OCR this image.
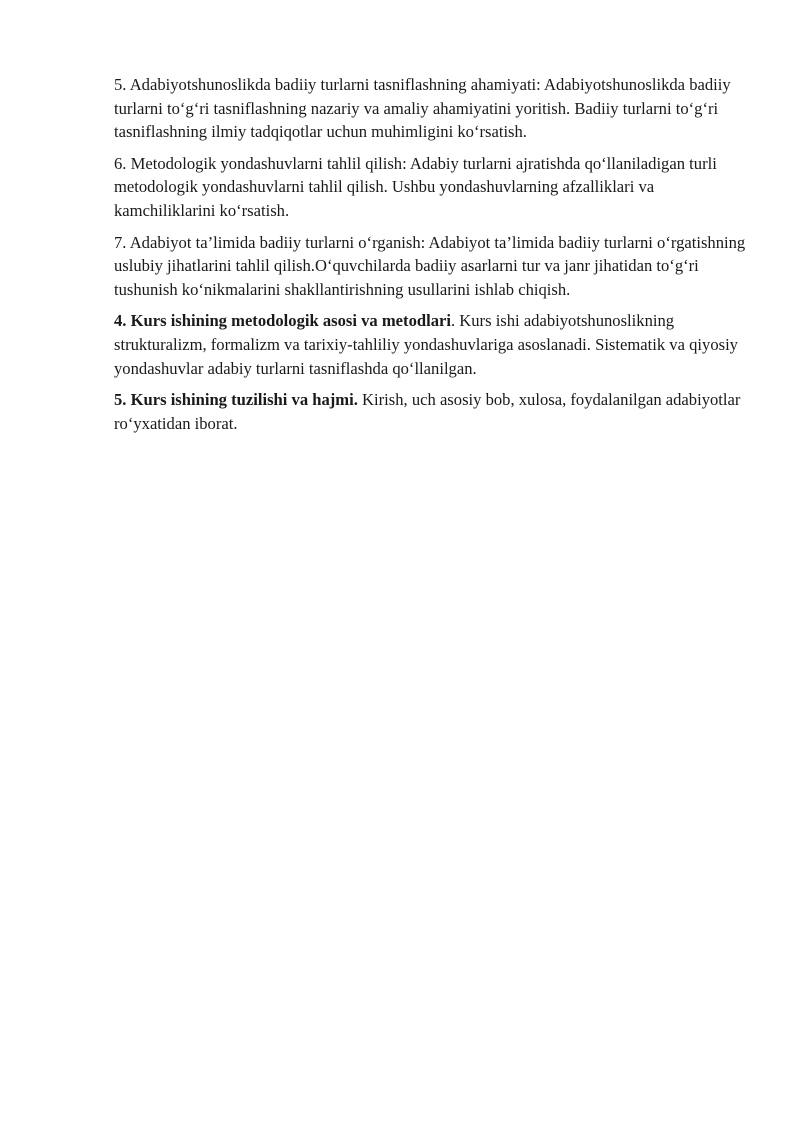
5. Adabiyotshunoslikda badiiy turlarni tasniflashning ahamiyati: Adabiyotshunoslikda badiiy turlarni to‘g‘ri tasniflashning nazariy va amaliy ahamiyatini yoritish. Badiiy turlarni to‘g‘ri tasniflashning ilmiy tadqiqotlar uchun muhimligini ko‘rsatish.

6. Metodologik yondashuvlarni tahlil qilish: Adabiy turlarni ajratishda qo‘llaniladigan turli metodologik yondashuvlarni tahlil qilish. Ushbu yondashuvlarning afzalliklari va kamchiliklarini ko‘rsatish.

7. Adabiyot ta’limida badiiy turlarni o‘rganish: Adabiyot ta’limida badiiy turlarni o‘rgatishning uslubiy jihatlarini tahlil qilish.O‘quvchilarda badiiy asarlarni tur va janr jihatidan to‘g‘ri tushunish ko‘nikmalarini shakllantirishning usullarini ishlab chiqish.

4. Kurs ishining metodologik asosi va metodlari. Kurs ishi adabiyotshunoslikning strukturalizm, formalizm va tarixiy-tahliliy yondashuvlariga asoslanadi. Sistematik va qiyosiy yondashuvlar adabiy turlarni tasniflashda qo‘llanilgan.

5. Kurs ishining tuzilishi va hajmi. Kirish, uch asosiy bob, xulosa, foydalanilgan adabiyotlar ro‘yxatidan iborat.
